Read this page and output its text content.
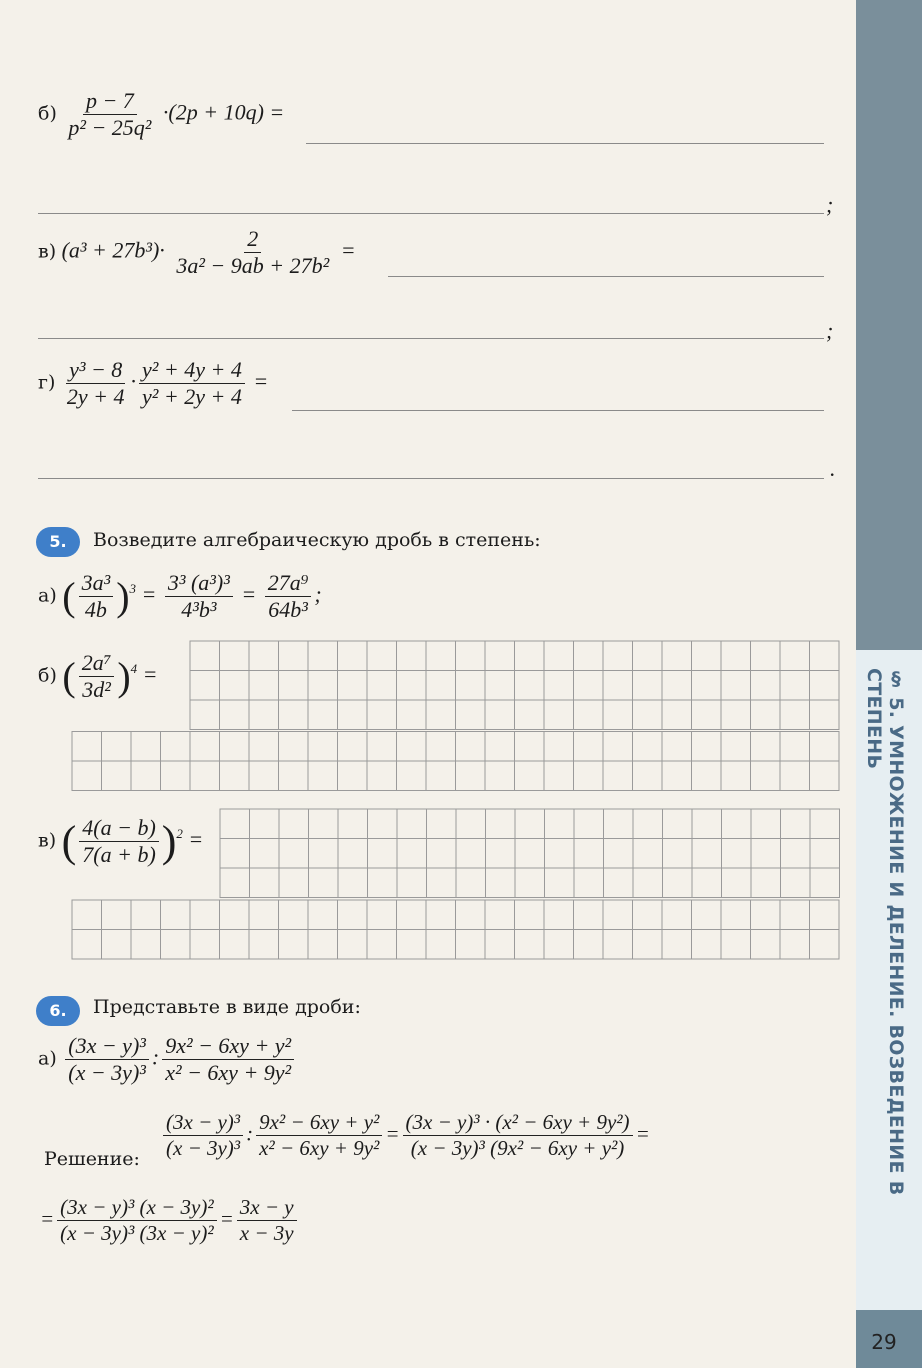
§ 5. УМНОЖЕНИЕ И ДЕЛЕНИЕ. ВОЗВЕДЕНИЕ В СТЕПЕНЬ
29
$б) \frac{p - 7}{\text{p² − 25q²}} \cdot(2p + 10q)$ =
;
в) $(a^3 + 27b^3)\cdot \frac{2}{\text{3a² − 9ab + 27b²}}$ =
;
$г) \frac{\text{y³ − 8}}{2y + 4} \cdot \frac{\text{y² + 4y + 4}}{\text{y² + 2y + 4}}$ =
.
5.	Возведите алгебраическую дробь в степень:
а) ( $\frac{\text{3a³}}{4b} )^3 = \frac{\text{3³ (a³)³}}{\text{4³b³}} = \frac{\text{27a⁹}}{\text{64b³}}$ ;
б) ( $\frac{\text{2a⁷}}{\text{3d²}} )^4$ =
в) ( $\frac{4(a - b)}{7(a + b)} )^2$ =
6.	Представьте в виде дроби:
$а) \frac{\text{(3x − y)³}}{\text{(x − 3y)³}}$ : $\frac{\text{9x² − 6xy + y²}}{\text{x² − 6xy + 9y²}}$
Решение: $\frac{\text{(3x − y)³}}{\text{(x − 3y)³}}$ : $\frac{\text{9x² − 6xy + y²}}{\text{x² − 6xy + 9y²}} = \frac{\text{(3x − y)³ · (x² − 6xy + 9y²)}}{\text{(x − 3y)³ (9x² − 6xy + y²)}}$ =
= $\frac{\text{(3x − y)³ (x − 3y)²}}{\text{(x − 3y)³ (3x − y)²}} = \frac{3x - y}{x - 3y}$
